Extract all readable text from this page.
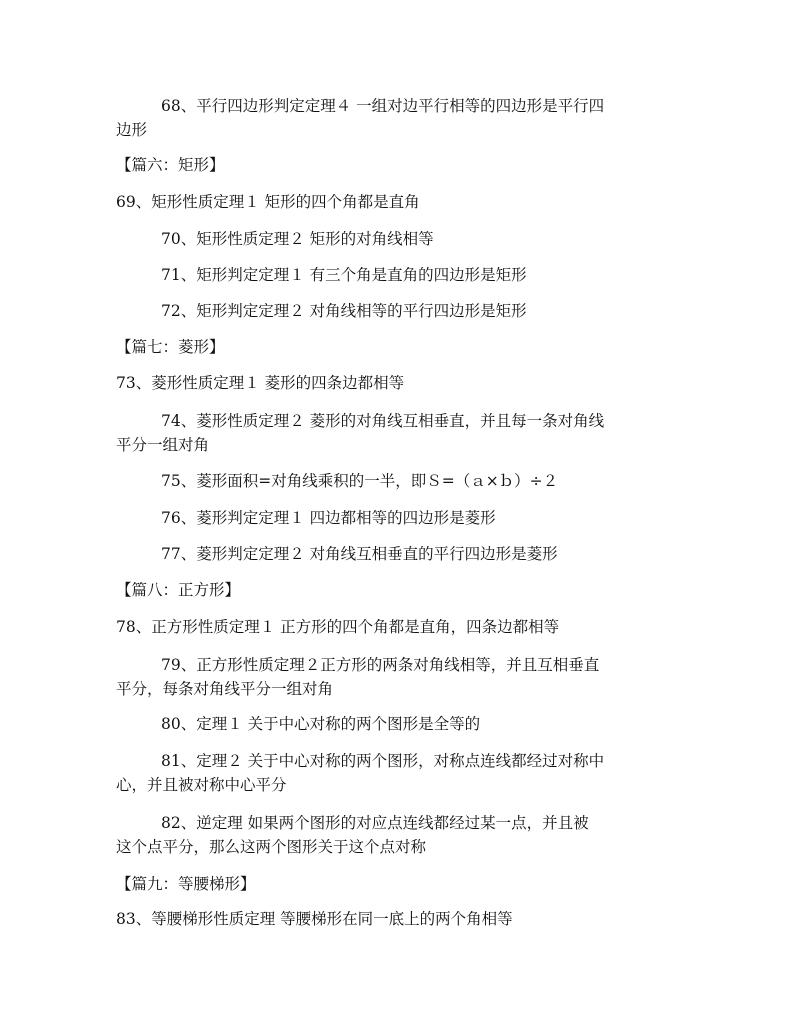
68、平行四边形判定定理４ 一组对边平行相等的四边形是平行四
边形
【篇六：矩形】
69、矩形性质定理１ 矩形的四个角都是直角
70、矩形性质定理２ 矩形的对角线相等
71、矩形判定定理１ 有三个角是直角的四边形是矩形
72、矩形判定定理２ 对角线相等的平行四边形是矩形
【篇七：菱形】
73、菱形性质定理１ 菱形的四条边都相等
74、菱形性质定理２ 菱形的对角线互相垂直，并且每一条对角线
平分一组对角
75、菱形面积=对角线乘积的一半，即Ｓ=（ａ×ｂ）÷２
76、菱形判定定理１ 四边都相等的四边形是菱形
77、菱形判定定理２ 对角线互相垂直的平行四边形是菱形
【篇八：正方形】
78、正方形性质定理１ 正方形的四个角都是直角，四条边都相等
79、正方形性质定理２正方形的两条对角线相等，并且互相垂直
平分，每条对角线平分一组对角
80、定理１ 关于中心对称的两个图形是全等的
81、定理２ 关于中心对称的两个图形，对称点连线都经过对称中
心，并且被对称中心平分
82、逆定理 如果两个图形的对应点连线都经过某一点，并且被
这个点平分，那么这两个图形关于这个点对称
【篇九：等腰梯形】
83、等腰梯形性质定理 等腰梯形在同一底上的两个角相等
